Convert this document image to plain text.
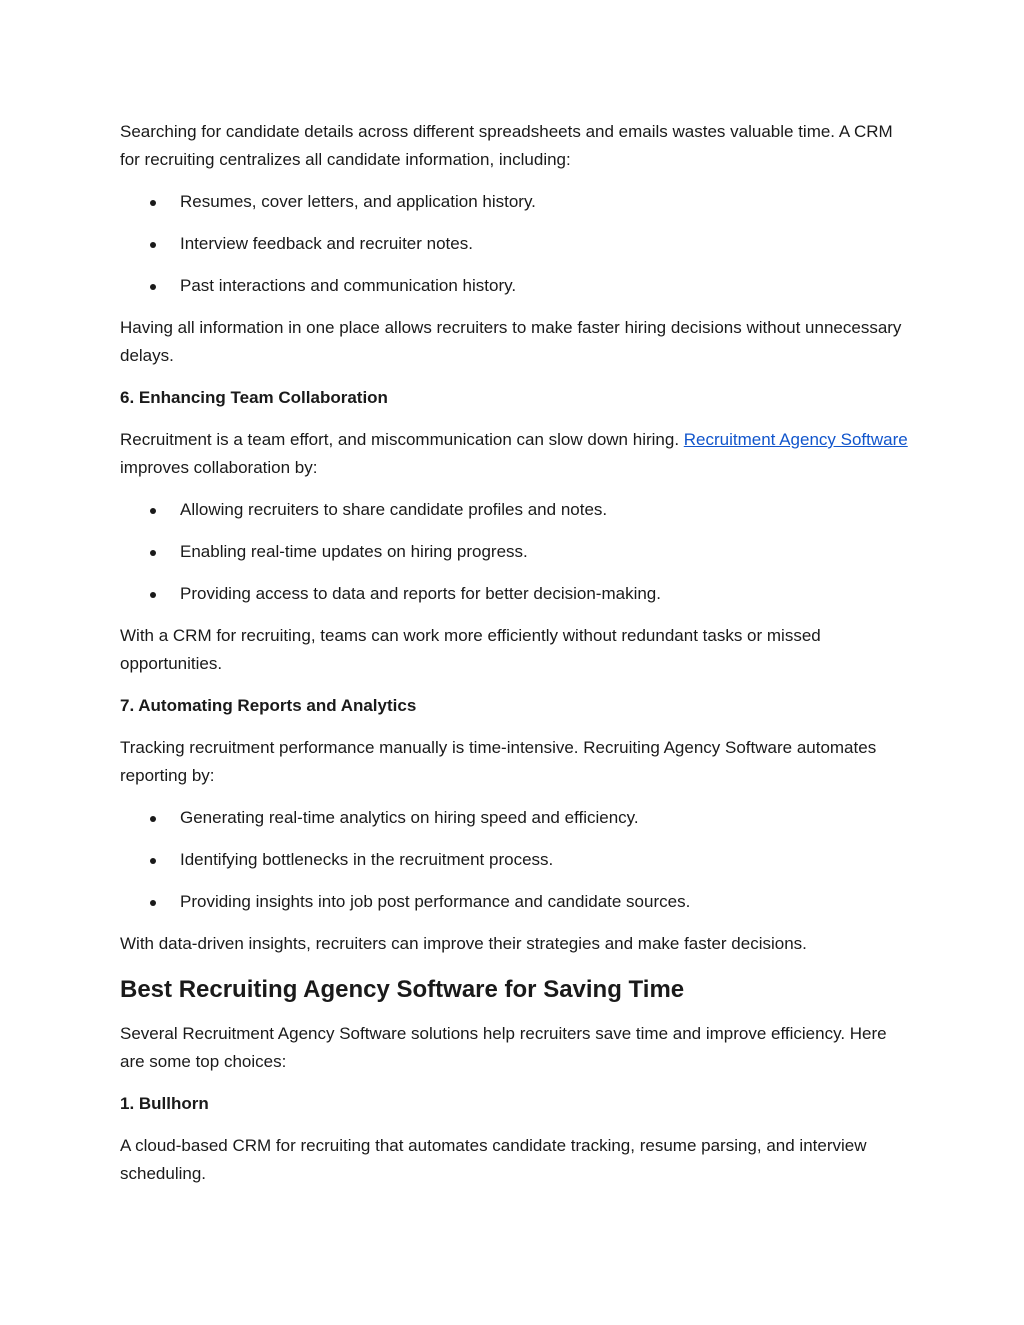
Searching for candidate details across different spreadsheets and emails wastes valuable time. A CRM for recruiting centralizes all candidate information, including:

Resumes, cover letters, and application history.
Interview feedback and recruiter notes.
Past interactions and communication history.

Having all information in one place allows recruiters to make faster hiring decisions without unnecessary delays.

6. Enhancing Team Collaboration

Recruitment is a team effort, and miscommunication can slow down hiring. Recruitment Agency Software improves collaboration by:

Allowing recruiters to share candidate profiles and notes.
Enabling real-time updates on hiring progress.
Providing access to data and reports for better decision-making.

With a CRM for recruiting, teams can work more efficiently without redundant tasks or missed opportunities.

7. Automating Reports and Analytics

Tracking recruitment performance manually is time-intensive. Recruiting Agency Software automates reporting by:

Generating real-time analytics on hiring speed and efficiency.
Identifying bottlenecks in the recruitment process.
Providing insights into job post performance and candidate sources.

With data-driven insights, recruiters can improve their strategies and make faster decisions.

Best Recruiting Agency Software for Saving Time

Several Recruitment Agency Software solutions help recruiters save time and improve efficiency. Here are some top choices:

1. Bullhorn

A cloud-based CRM for recruiting that automates candidate tracking, resume parsing, and interview scheduling.
